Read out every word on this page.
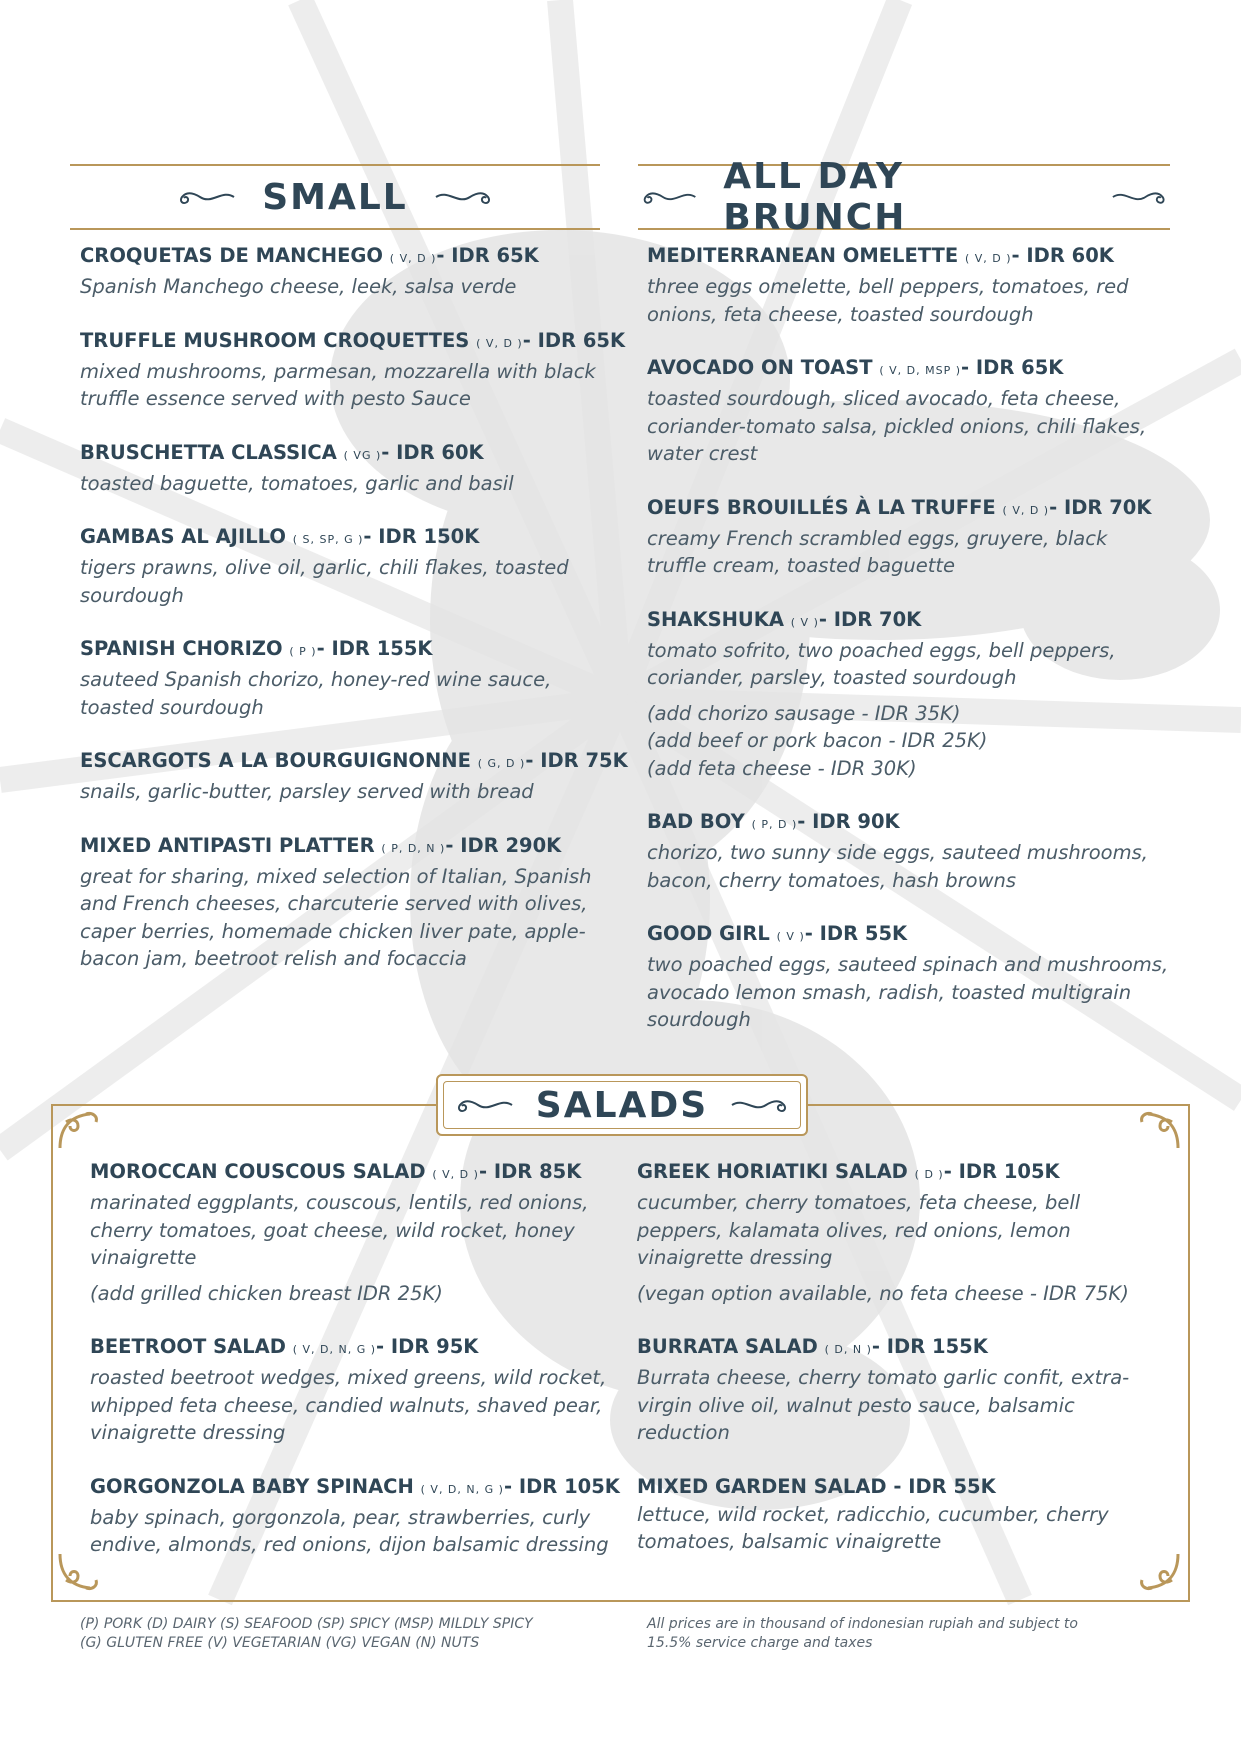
SMALL	ALL DAY BRUNCH
CROQUETAS DE MANCHEGO ( V, D )- IDR 65K
Spanish Manchego cheese, leek, salsa verde
TRUFFLE MUSHROOM CROQUETTES ( V, D )- IDR 65K
mixed mushrooms, parmesan, mozzarella with black truffle essence served with pesto Sauce
BRUSCHETTA CLASSICA ( VG )- IDR 60K
toasted baguette, tomatoes, garlic and basil
GAMBAS AL AJILLO ( S, SP, G )- IDR 150K
tigers prawns, olive oil, garlic, chili flakes, toasted sourdough
SPANISH CHORIZO ( P )- IDR 155K
sauteed Spanish chorizo, honey-red wine sauce, toasted sourdough
ESCARGOTS A LA BOURGUIGNONNE ( G, D )- IDR 75K
snails, garlic-butter, parsley served with bread
MIXED ANTIPASTI PLATTER ( P, D, N )- IDR 290K
great for sharing, mixed selection of Italian, Spanish and French cheeses, charcuterie served with olives, caper berries, homemade chicken liver pate, apple-bacon jam, beetroot relish and focaccia
MEDITERRANEAN OMELETTE ( V, D )- IDR 60K
three eggs omelette, bell peppers, tomatoes, red onions, feta cheese, toasted sourdough
AVOCADO ON TOAST ( V, D, MSP )- IDR 65K
toasted sourdough, sliced avocado, feta cheese, coriander-tomato salsa, pickled onions, chili flakes, water crest
OEUFS BROUILLÉS À LA TRUFFE ( V, D )- IDR 70K
creamy French scrambled eggs, gruyere, black truffle cream, toasted baguette
SHAKSHUKA ( V )- IDR 70K
tomato sofrito, two poached eggs, bell peppers, coriander, parsley, toasted sourdough
(add chorizo sausage - IDR 35K)
(add beef or pork bacon - IDR 25K)
(add feta cheese - IDR 30K)
BAD BOY ( P, D )- IDR 90K
chorizo, two sunny side eggs, sauteed mushrooms, bacon, cherry tomatoes, hash browns
GOOD GIRL ( V )- IDR 55K
two poached eggs, sauteed spinach and mushrooms, avocado lemon smash, radish, toasted multigrain sourdough
SALADS
MOROCCAN COUSCOUS SALAD ( V, D )- IDR 85K
marinated eggplants, couscous, lentils, red onions, cherry tomatoes, goat cheese, wild rocket, honey vinaigrette
(add grilled chicken breast IDR 25K)
BEETROOT SALAD ( V, D, N, G )- IDR 95K
roasted beetroot wedges, mixed greens, wild rocket, whipped feta cheese, candied walnuts, shaved pear, vinaigrette dressing
GORGONZOLA BABY SPINACH ( V, D, N, G )- IDR 105K
baby spinach, gorgonzola, pear, strawberries, curly endive, almonds, red onions, dijon balsamic dressing
GREEK HORIATIKI SALAD ( D )- IDR 105K
cucumber, cherry tomatoes, feta cheese, bell peppers, kalamata olives, red onions, lemon vinaigrette dressing
(vegan option available, no feta cheese - IDR 75K)
BURRATA SALAD ( D, N )- IDR 155K
Burrata cheese, cherry tomato garlic confit, extra-virgin olive oil, walnut pesto sauce, balsamic reduction
MIXED GARDEN SALAD - IDR 55K
lettuce, wild rocket, radicchio, cucumber, cherry tomatoes, balsamic vinaigrette
(P) PORK (D) DAIRY (S) SEAFOOD (SP) SPICY (MSP) MILDLY SPICY
(G) GLUTEN FREE (V) VEGETARIAN (VG) VEGAN (N) NUTS
All prices are in thousand of indonesian rupiah and subject to
15.5% service charge and taxes
